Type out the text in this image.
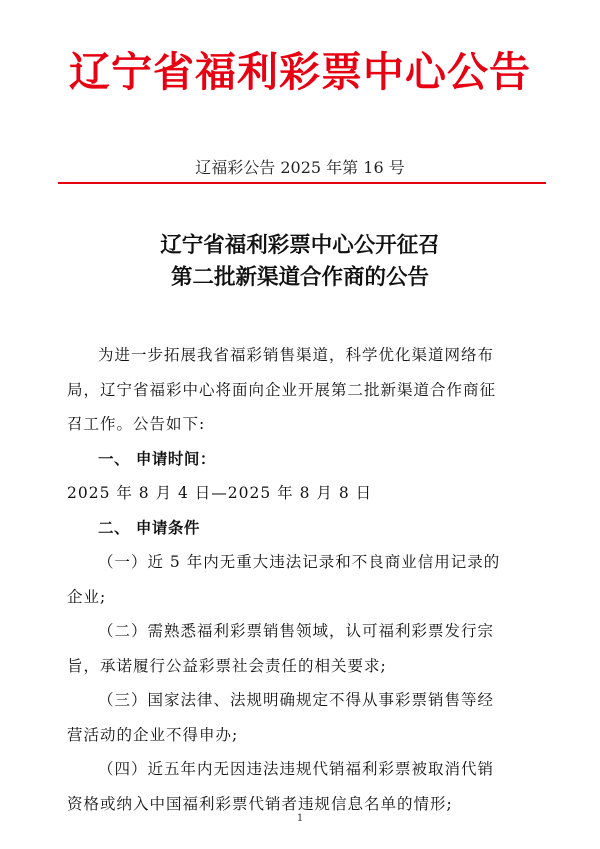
辽宁省福利彩票中心公告
辽福彩公告 2025 年第 16 号
辽宁省福利彩票中心公开征召
第二批新渠道合作商的公告
为进一步拓展我省福彩销售渠道，科学优化渠道网络布
局，辽宁省福彩中心将面向企业开展第二批新渠道合作商征
召工作。公告如下:
一、 申请时间：
2025 年 8 月 4 日—2025 年 8 月 8 日
二、 申请条件
（一）近 5 年内无重大违法记录和不良商业信用记录的
企业;
（二）需熟悉福利彩票销售领域，认可福利彩票发行宗
旨，承诺履行公益彩票社会责任的相关要求;
（三）国家法律、法规明确规定不得从事彩票销售等经
营活动的企业不得申办;
（四）近五年内无因违法违规代销福利彩票被取消代销
资格或纳入中国福利彩票代销者违规信息名单的情形;
1
